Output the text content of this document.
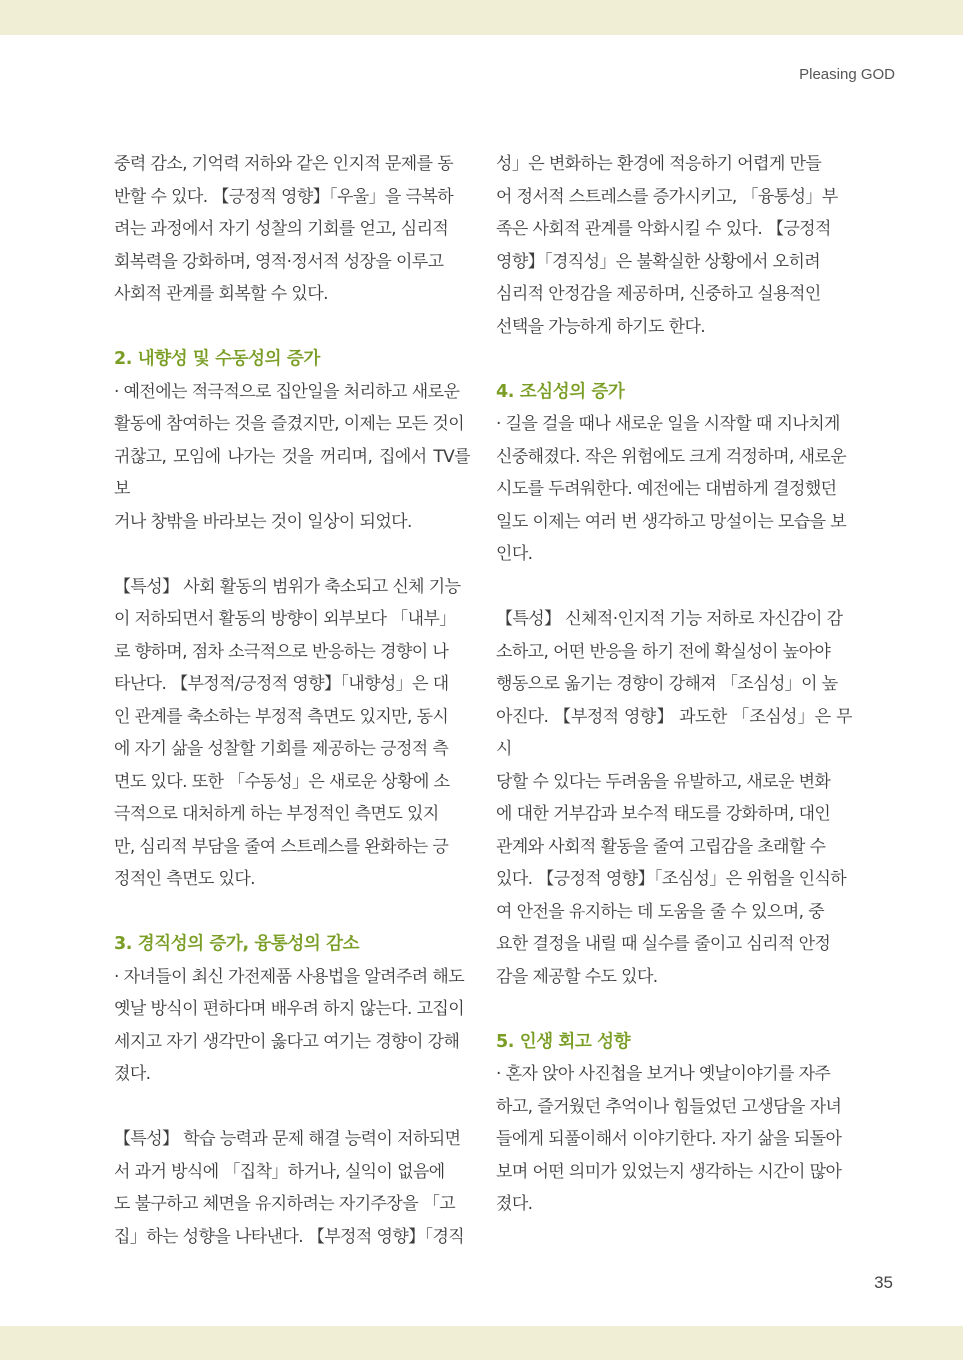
Pleasing GOD

중력 감소, 기억력 저하와 같은 인지적 문제를 동
반할 수 있다. 【긍정적 영향】「우울」을 극복하
려는 과정에서 자기 성찰의 기회를 얻고, 심리적
회복력을 강화하며, 영적·정서적 성장을 이루고
사회적 관계를 회복할 수 있다.

2. 내향성 및 수동성의 증가

· 예전에는 적극적으로 집안일을 처리하고 새로운
활동에 참여하는 것을 즐겼지만, 이제는 모든 것이
귀찮고, 모임에 나가는 것을 꺼리며, 집에서 TV를 보
거나 창밖을 바라보는 것이 일상이 되었다.

【특성】 사회 활동의 범위가 축소되고 신체 기능
이 저하되면서 활동의 방향이 외부보다 「내부」
로 향하며, 점차 소극적으로 반응하는 경향이 나
타난다. 【부정적/긍정적 영향】「내향성」은 대
인 관계를 축소하는 부정적 측면도 있지만, 동시
에 자기 삶을 성찰할 기회를 제공하는 긍정적 측
면도 있다. 또한 「수동성」은 새로운 상황에 소
극적으로 대처하게 하는 부정적인 측면도 있지
만, 심리적 부담을 줄여 스트레스를 완화하는 긍
정적인 측면도 있다.

3. 경직성의 증가, 융통성의 감소

· 자녀들이 최신 가전제품 사용법을 알려주려 해도
옛날 방식이 편하다며 배우려 하지 않는다. 고집이
세지고 자기 생각만이 옳다고 여기는 경향이 강해
졌다.

【특성】 학습 능력과 문제 해결 능력이 저하되면
서 과거 방식에 「집착」하거나, 실익이 없음에
도 불구하고 체면을 유지하려는 자기주장을 「고
집」하는 성향을 나타낸다. 【부정적 영향】「경직

성」은 변화하는 환경에 적응하기 어렵게 만들
어 정서적 스트레스를 증가시키고, 「융통성」부
족은 사회적 관계를 악화시킬 수 있다. 【긍정적
영향】「경직성」은 불확실한 상황에서 오히려
심리적 안정감을 제공하며, 신중하고 실용적인
선택을 가능하게 하기도 한다.

4. 조심성의 증가

· 길을 걸을 때나 새로운 일을 시작할 때 지나치게
신중해졌다. 작은 위험에도 크게 걱정하며, 새로운
시도를 두려워한다. 예전에는 대범하게 결정했던
일도 이제는 여러 번 생각하고 망설이는 모습을 보
인다.

【특성】 신체적·인지적 기능 저하로 자신감이 감
소하고, 어떤 반응을 하기 전에 확실성이 높아야
행동으로 옮기는 경향이 강해져 「조심성」이 높
아진다. 【부정적 영향】 과도한 「조심성」은 무시
당할 수 있다는 두려움을 유발하고, 새로운 변화
에 대한 거부감과 보수적 태도를 강화하며, 대인
관계와 사회적 활동을 줄여 고립감을 초래할 수
있다. 【긍정적 영향】「조심성」은 위험을 인식하
여 안전을 유지하는 데 도움을 줄 수 있으며, 중
요한 결정을 내릴 때 실수를 줄이고 심리적 안정
감을 제공할 수도 있다.

5. 인생 회고 성향

· 혼자 앉아 사진첩을 보거나 옛날이야기를 자주
하고, 즐거웠던 추억이나 힘들었던 고생담을 자녀
들에게 되풀이해서 이야기한다. 자기 삶을 되돌아
보며 어떤 의미가 있었는지 생각하는 시간이 많아
졌다.

35
